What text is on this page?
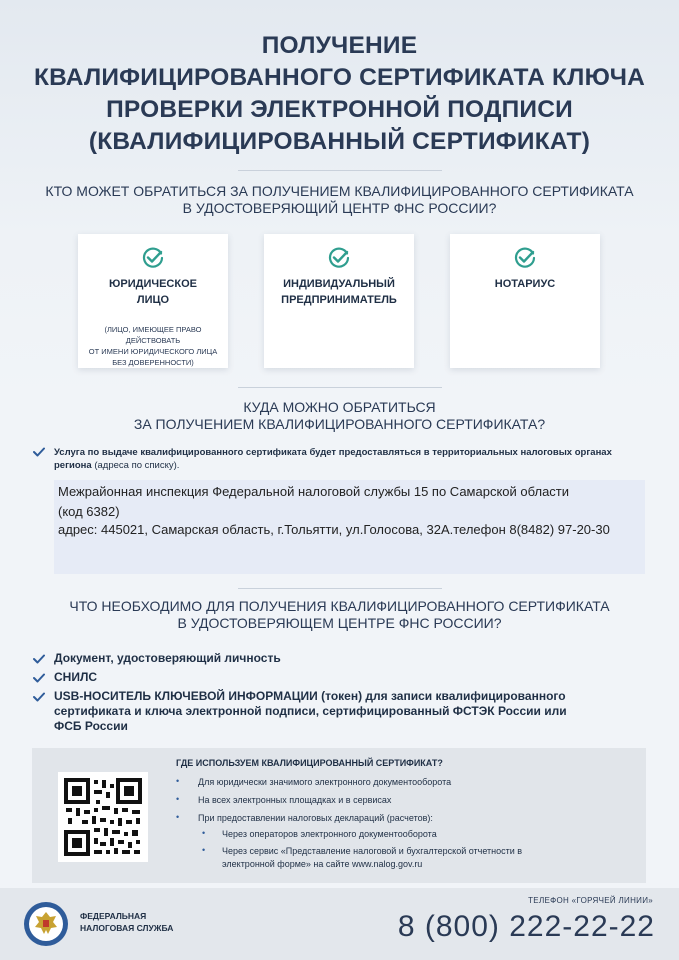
ПОЛУЧЕНИЕ
КВАЛИФИЦИРОВАННОГО СЕРТИФИКАТА КЛЮЧА
ПРОВЕРКИ ЭЛЕКТРОННОЙ ПОДПИСИ
(КВАЛИФИЦИРОВАННЫЙ СЕРТИФИКАТ)
КТО МОЖЕТ ОБРАТИТЬСЯ ЗА ПОЛУЧЕНИЕМ КВАЛИФИЦИРОВАННОГО СЕРТИФИКАТА
В УДОСТОВЕРЯЮЩИЙ ЦЕНТР ФНС РОССИИ?
ЮРИДИЧЕСКОЕ
ЛИЦО
(ЛИЦО, ИМЕЮЩЕЕ ПРАВО ДЕЙСТВОВАТЬ
ОТ ИМЕНИ ЮРИДИЧЕСКОГО ЛИЦА
БЕЗ ДОВЕРЕННОСТИ)
ИНДИВИДУАЛЬНЫЙ
ПРЕДПРИНИМАТЕЛЬ
НОТАРИУС
КУДА МОЖНО ОБРАТИТЬСЯ
ЗА ПОЛУЧЕНИЕМ КВАЛИФИЦИРОВАННОГО СЕРТИФИКАТА?
Услуга по выдаче квалифицированного сертификата будет предоставляться в территориальных налоговых органах региона (адреса по списку).
Межрайонная инспекция Федеральной налоговой службы 15 по Самарской области
(код 6382)
адрес: 445021, Самарская область, г.Тольятти, ул.Голосова, 32А.телефон 8(8482) 97-20-30
ЧТО НЕОБХОДИМО ДЛЯ ПОЛУЧЕНИЯ КВАЛИФИЦИРОВАННОГО СЕРТИФИКАТА
В УДОСТОВЕРЯЮЩЕМ ЦЕНТРЕ ФНС РОССИИ?
Документ, удостоверяющий личность
СНИЛС
USB-НОСИТЕЛЬ КЛЮЧЕВОЙ ИНФОРМАЦИИ (токен) для записи квалифицированного
сертификата и ключа электронной подписи, сертифицированный ФСТЭК России или
ФСБ России
ГДЕ ИСПОЛЬЗУЕМ КВАЛИФИЦИРОВАННЫЙ СЕРТИФИКАТ?
• Для юридически значимого электронного документооборота
• На всех электронных площадках и в сервисах
• При предоставлении налоговых деклараций (расчетов):
• Через операторов электронного документооборота
• Через сервис «Представление налоговой и бухгалтерской отчетности в
электронной форме» на сайте www.nalog.gov.ru
ФЕДЕРАЛЬНАЯ
НАЛОГОВАЯ СЛУЖБА
ТЕЛЕФОН «ГОРЯЧЕЙ ЛИНИИ»
8 (800) 222-22-22
